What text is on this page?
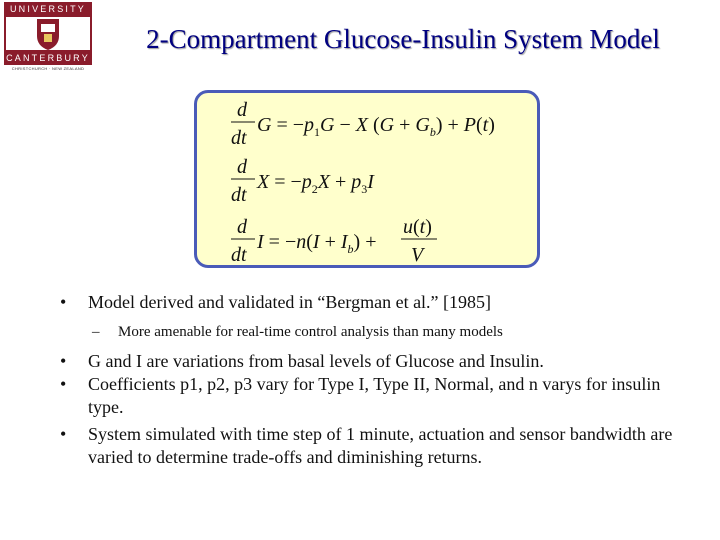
UNIVERSITY
CANTERBURY
CHRISTCHURCH · NEW ZEALAND
2-Compartment Glucose-Insulin System Model
d
dt
$G = -p_1G - X$ $(G + G_b) + P(t)$
d
dt
$X = -p_2X + p_3I$
d
dt
$I = -n(I + I_b)$ +
u(t)
V

• Model derived and validated in “Bergman et al.” [1985]

– More amenable for real-time control analysis than many models

• G and I are variations from basal levels of Glucose and Insulin.

• Coefficients p1, p2, p3 vary for Type I, Type II, Normal, and n varys for insulin type.

• System simulated with time step of 1 minute, actuation and sensor bandwidth are varied to determine trade-offs and diminishing returns.
